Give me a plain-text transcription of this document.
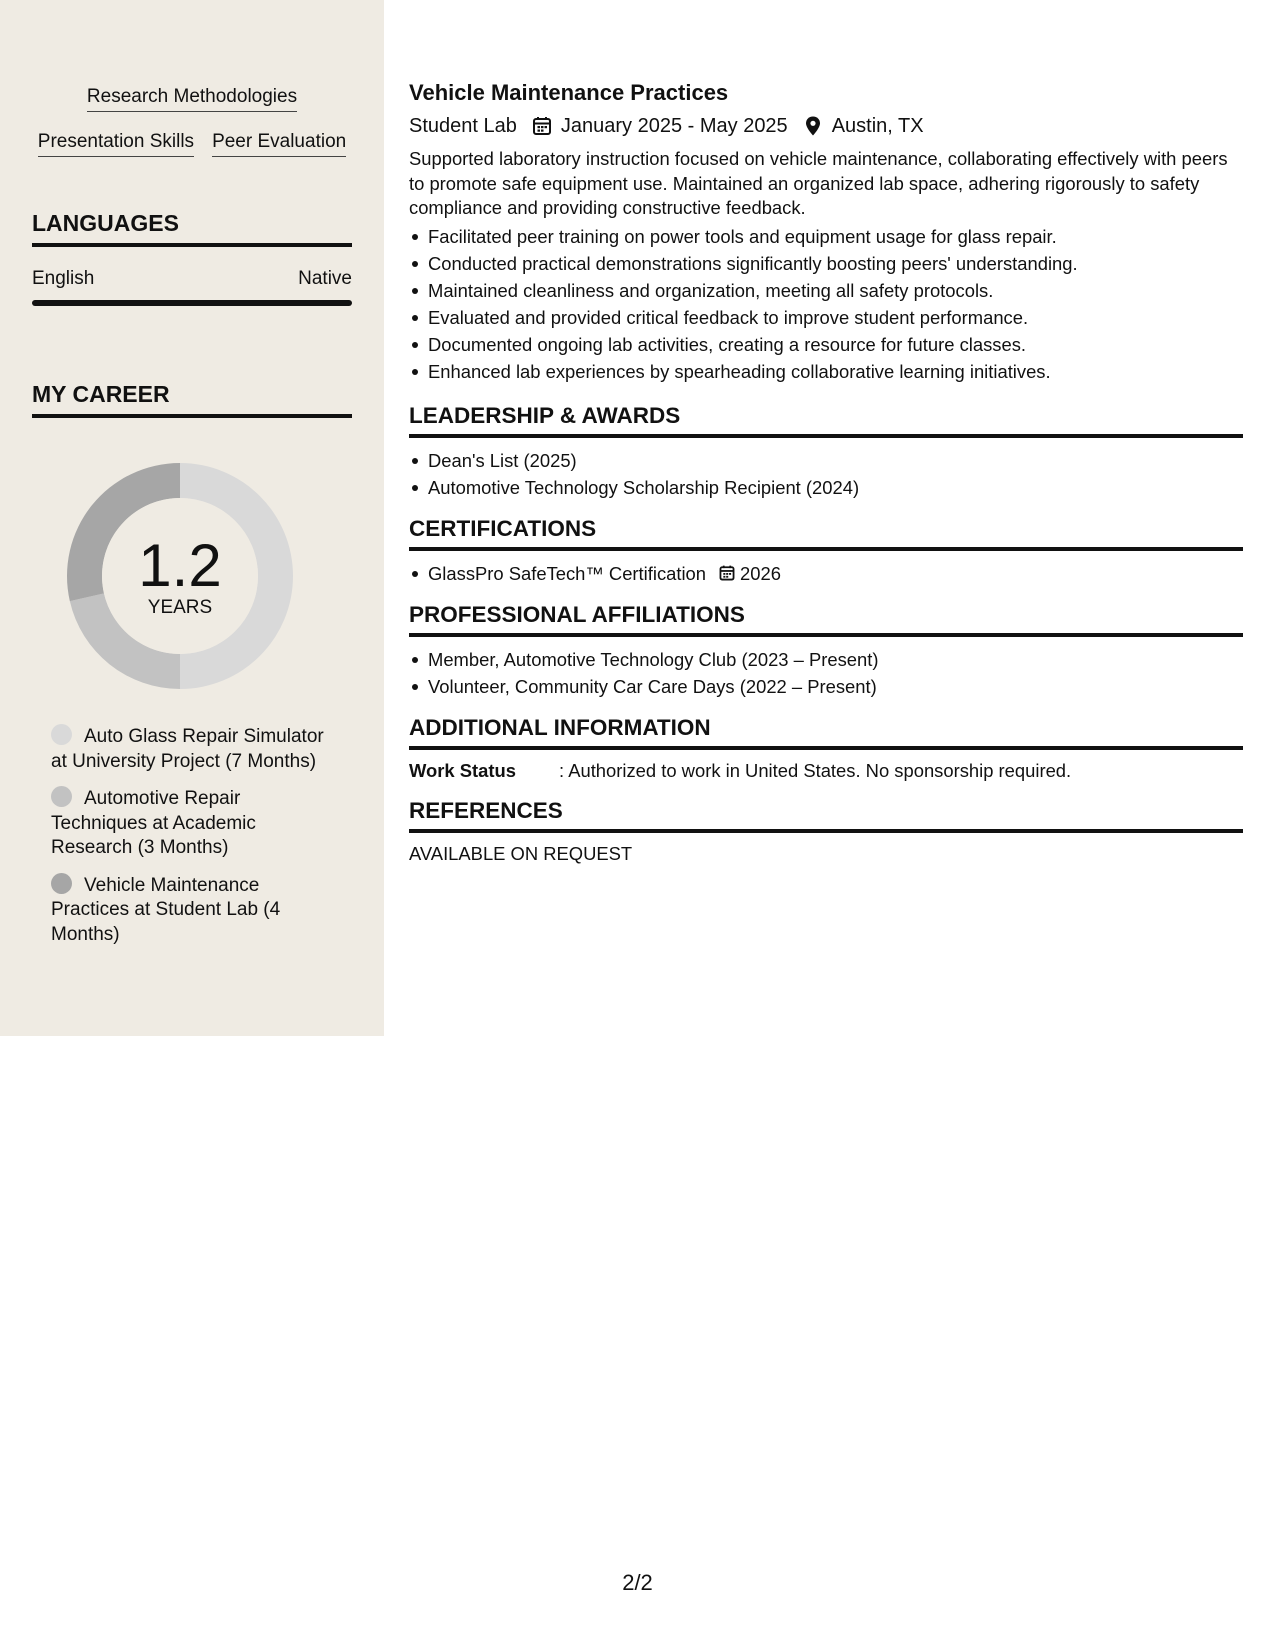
Research Methodologies
Presentation Skills Peer Evaluation
LANGUAGES
English	Native
MY CAREER
1.2
YEARS
Auto Glass Repair Simulator at University Project (7 Months)
Automotive Repair Techniques at Academic Research (3 Months)
Vehicle Maintenance Practices at Student Lab (4 Months)
Vehicle Maintenance Practices
Student Lab January 2025 - May 2025 Austin, TX
Supported laboratory instruction focused on vehicle maintenance, collaborating effectively with peers to promote safe equipment use. Maintained an organized lab space, adhering rigorously to safety compliance and providing constructive feedback.
Facilitated peer training on power tools and equipment usage for glass repair.
Conducted practical demonstrations significantly boosting peers' understanding.
Maintained cleanliness and organization, meeting all safety protocols.
Evaluated and provided critical feedback to improve student performance.
Documented ongoing lab activities, creating a resource for future classes.
Enhanced lab experiences by spearheading collaborative learning initiatives.
LEADERSHIP & AWARDS
Dean's List (2025)
Automotive Technology Scholarship Recipient (2024)
CERTIFICATIONS
GlassPro SafeTech™ Certification 2026
PROFESSIONAL AFFILIATIONS
Member, Automotive Technology Club (2023 – Present)
Volunteer, Community Car Care Days (2022 – Present)
ADDITIONAL INFORMATION
Work Status	: Authorized to work in United States. No sponsorship required.
REFERENCES
AVAILABLE ON REQUEST
2/2
